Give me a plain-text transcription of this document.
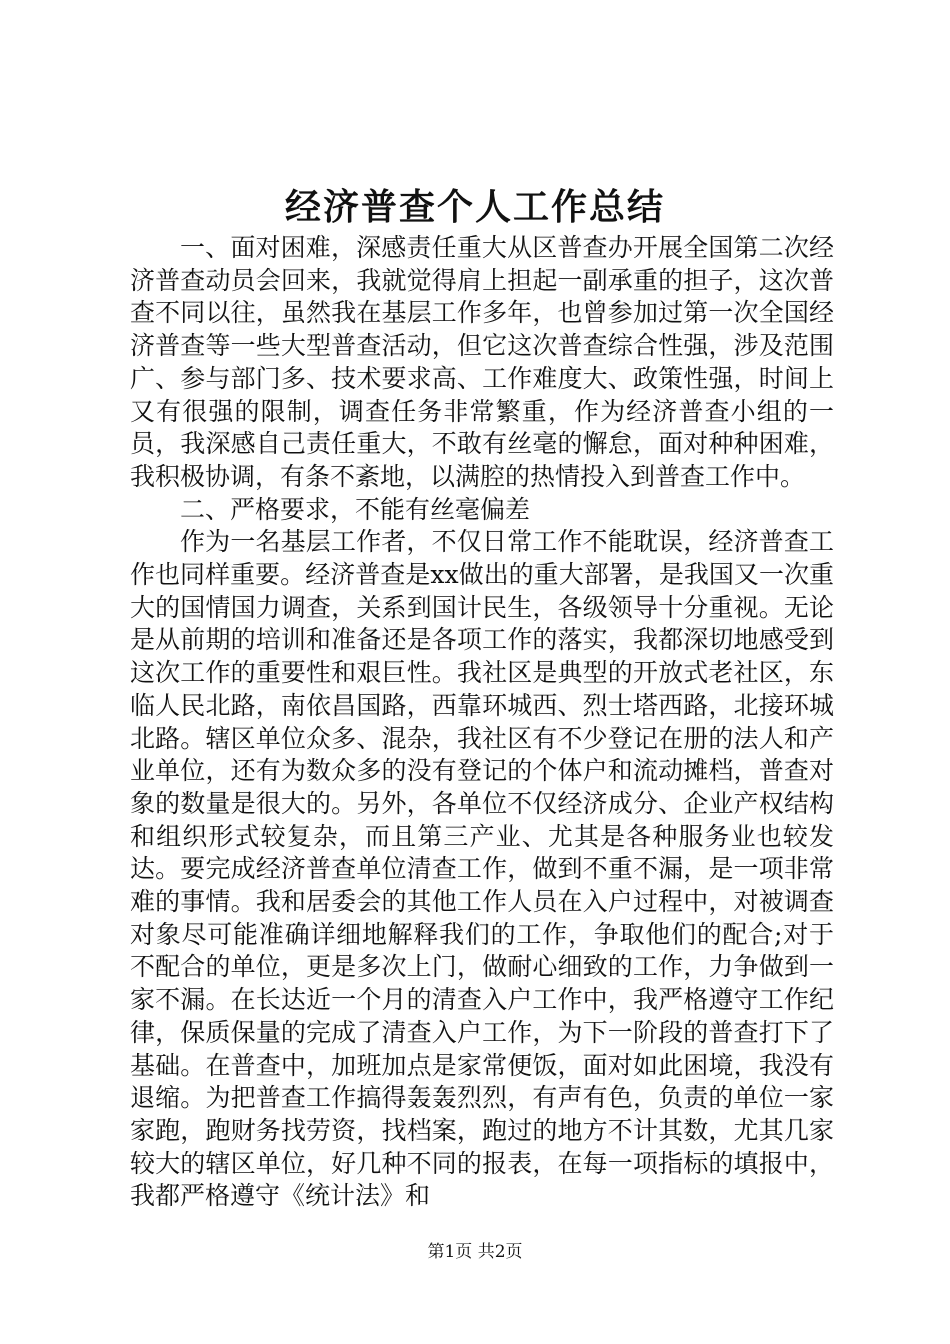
经济普查个人工作总结

一、面对困难，深感责任重大从区普查办开展全国第二次经济普查动员会回来，我就觉得肩上担起一副承重的担子，这次普查不同以往，虽然我在基层工作多年，也曾参加过第一次全国经济普查等一些大型普查活动，但它这次普查综合性强，涉及范围广、参与部门多、技术要求高、工作难度大、政策性强，时间上又有很强的限制，调查任务非常繁重，作为经济普查小组的一员，我深感自己责任重大，不敢有丝毫的懈怠，面对种种困难，我积极协调，有条不紊地，以满腔的热情投入到普查工作中。

二、严格要求，不能有丝毫偏差

作为一名基层工作者，不仅日常工作不能耽误，经济普查工作也同样重要。经济普查是xx做出的重大部署，是我国又一次重大的国情国力调查，关系到国计民生，各级领导十分重视。无论是从前期的培训和准备还是各项工作的落实，我都深切地感受到这次工作的重要性和艰巨性。我社区是典型的开放式老社区，东临人民北路，南依昌国路，西靠环城西、烈士塔西路，北接环城北路。辖区单位众多、混杂，我社区有不少登记在册的法人和产业单位，还有为数众多的没有登记的个体户和流动摊档，普查对象的数量是很大的。另外，各单位不仅经济成分、企业产权结构和组织形式较复杂，而且第三产业、尤其是各种服务业也较发达。要完成经济普查单位清查工作，做到不重不漏，是一项非常难的事情。我和居委会的其他工作人员在入户过程中，对被调查对象尽可能准确详细地解释我们的工作，争取他们的配合;对于不配合的单位，更是多次上门，做耐心细致的工作，力争做到一家不漏。在长达近一个月的清查入户工作中，我严格遵守工作纪律，保质保量的完成了清查入户工作，为下一阶段的普查打下了基础。在普查中，加班加点是家常便饭，面对如此困境，我没有退缩。为把普查工作搞得轰轰烈烈，有声有色，负责的单位一家家跑，跑财务找劳资，找档案，跑过的地方不计其数，尤其几家较大的辖区单位，好几种不同的报表，在每一项指标的填报中，我都严格遵守《统计法》和

第1页 共2页
